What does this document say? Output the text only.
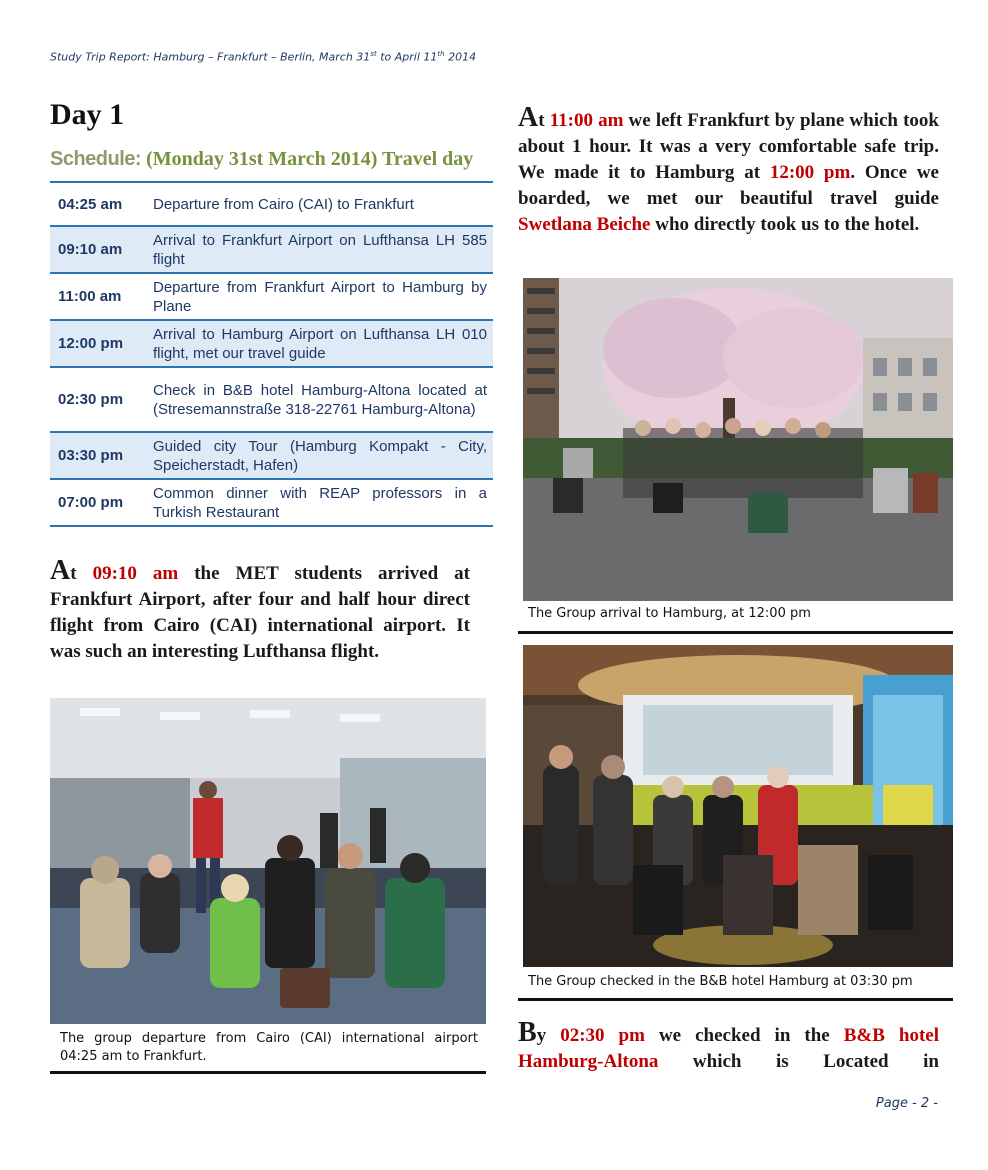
Study Trip Report: Hamburg – Frankfurt – Berlin, March 31st to April 11th 2014
Day 1
Schedule: (Monday 31st March 2014) Travel day
04:25 am	Departure from Cairo (CAI) to Frankfurt
09:10 am	Arrival to Frankfurt Airport on Lufthansa LH 585 flight
11:00 am	Departure from Frankfurt Airport to Hamburg by Plane
12:00 pm	Arrival to Hamburg Airport on Lufthansa LH 010 flight, met our travel guide
02:30 pm	Check in B&B hotel Hamburg-Altona located at (Stresemannstraße 318-22761 Hamburg-Altona)
03:30 pm	Guided city Tour (Hamburg Kompakt - City, Speicherstadt, Hafen)
07:00 pm	Common dinner with REAP professors in a Turkish Restaurant

At 09:10 am the MET students arrived at Frankfurt Airport, after four and half hour direct flight from Cairo (CAI) international airport. It was such an interesting Lufthansa flight.

The group departure from Cairo (CAI) international airport 04:25 am to Frankfurt.

At 11:00 am we left Frankfurt by plane which took about 1 hour. It was a very comfortable safe trip. We made it to Hamburg at 12:00 pm. Once we boarded, we met our beautiful travel guide Swetlana Beiche who directly took us to the hotel.

The Group arrival to Hamburg, at 12:00 pm
The Group checked in the B&B hotel Hamburg at 03:30 pm

By 02:30 pm we checked in the B&B hotel Hamburg-Altona which is Located in

Page - 2 -
